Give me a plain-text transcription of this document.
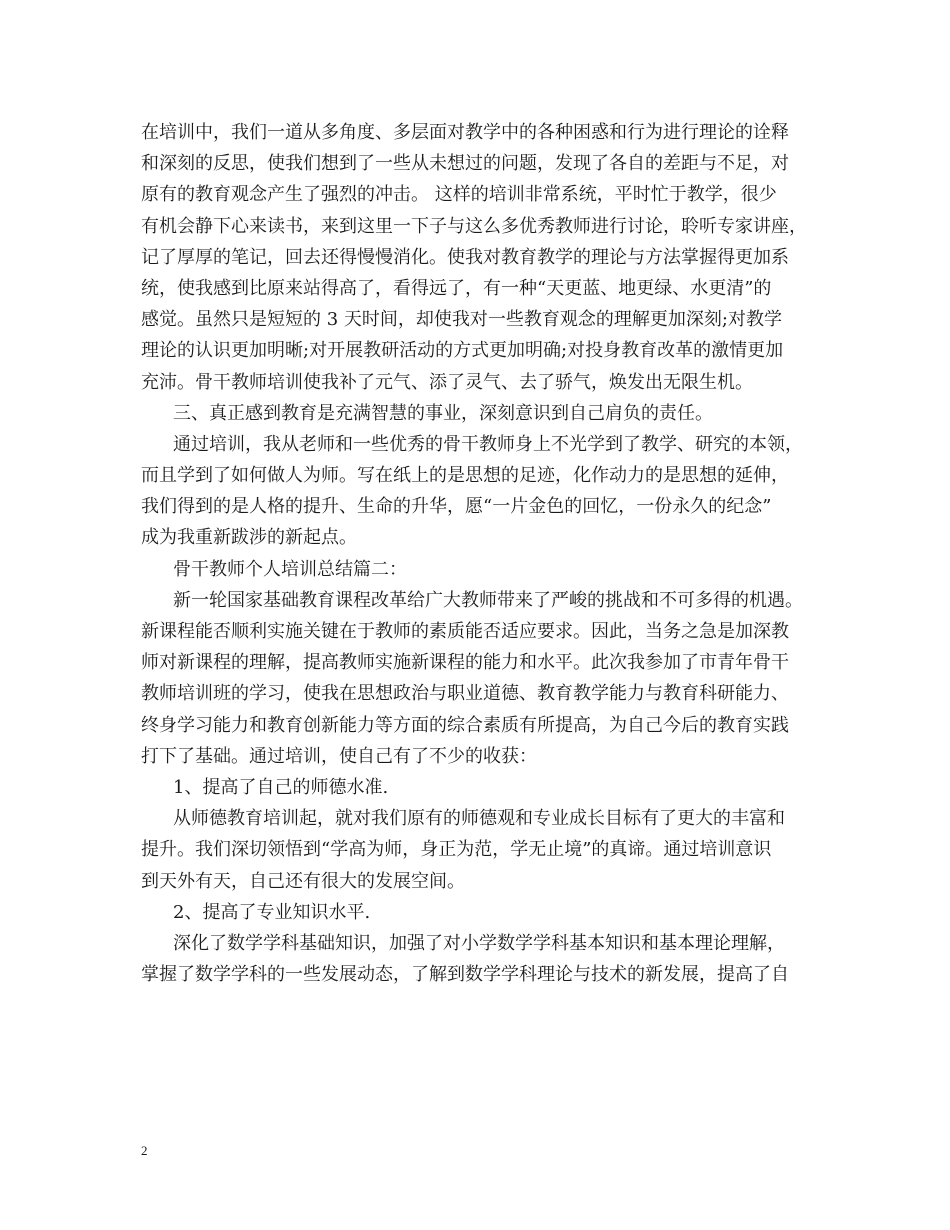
在培训中，我们一道从多角度、多层面对教学中的各种困惑和行为进行理论的诠释
和深刻的反思，使我们想到了一些从未想过的问题，发现了各自的差距与不足，对
原有的教育观念产生了强烈的冲击。 这样的培训非常系统，平时忙于教学，很少
有机会静下心来读书，来到这里一下子与这么多优秀教师进行讨论，聆听专家讲座，
记了厚厚的笔记，回去还得慢慢消化。使我对教育教学的理论与方法掌握得更加系
统，使我感到比原来站得高了，看得远了，有一种“天更蓝、地更绿、水更清”的
感觉。虽然只是短短的 3 天时间，却使我对一些教育观念的理解更加深刻;对教学
理论的认识更加明晰;对开展教研活动的方式更加明确;对投身教育改革的激情更加
充沛。骨干教师培训使我补了元气、添了灵气、去了骄气，焕发出无限生机。
三、真正感到教育是充满智慧的事业，深刻意识到自己肩负的责任。
通过培训，我从老师和一些优秀的骨干教师身上不光学到了教学、研究的本领，
而且学到了如何做人为师。写在纸上的是思想的足迹，化作动力的是思想的延伸，
我们得到的是人格的提升、生命的升华，愿“一片金色的回忆，一份永久的纪念”
成为我重新跋涉的新起点。
骨干教师个人培训总结篇二：
新一轮国家基础教育课程改革给广大教师带来了严峻的挑战和不可多得的机遇。
新课程能否顺利实施关键在于教师的素质能否适应要求。因此，当务之急是加深教
师对新课程的理解，提高教师实施新课程的能力和水平。此次我参加了市青年骨干
教师培训班的学习，使我在思想政治与职业道德、教育教学能力与教育科研能力、
终身学习能力和教育创新能力等方面的综合素质有所提高，为自己今后的教育实践
打下了基础。通过培训，使自己有了不少的收获：
1、提高了自己的师德水准.
从师德教育培训起，就对我们原有的师德观和专业成长目标有了更大的丰富和
提升。我们深切领悟到“学高为师，身正为范，学无止境”的真谛。通过培训意识
到天外有天，自己还有很大的发展空间。
2、提高了专业知识水平.
深化了数学学科基础知识，加强了对小学数学学科基本知识和基本理论理解，
掌握了数学学科的一些发展动态，了解到数学学科理论与技术的新发展，提高了自
2
